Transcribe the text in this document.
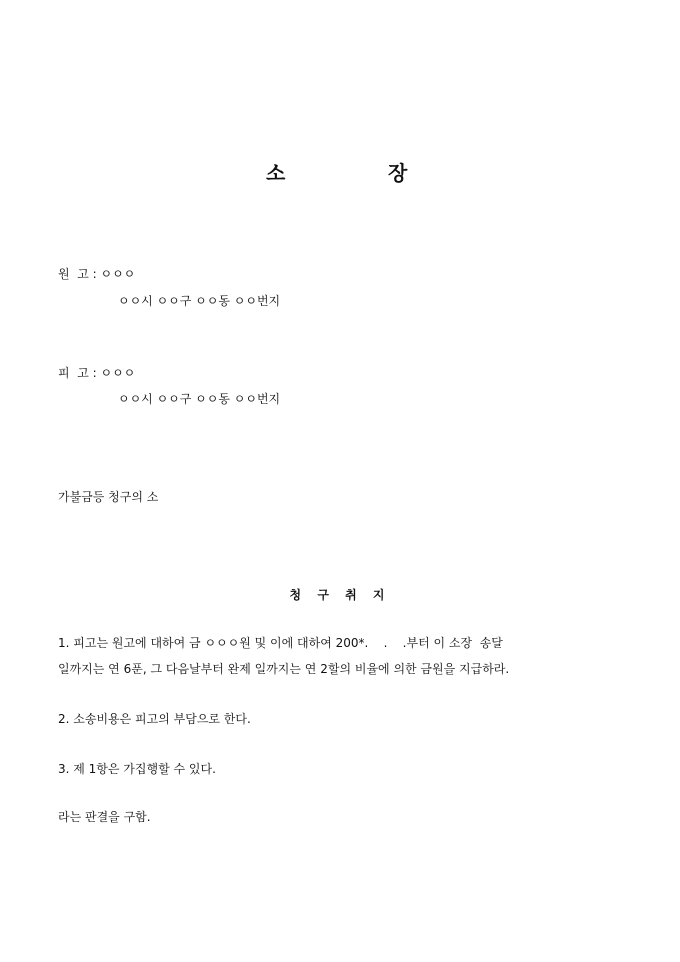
소	장
원  고 : ㅇㅇㅇ
ㅇㅇ시 ㅇㅇ구 ㅇㅇ동 ㅇㅇ번지
피  고 : ㅇㅇㅇ
ㅇㅇ시 ㅇㅇ구 ㅇㅇ동 ㅇㅇ번지
가불금등 청구의 소
청 구 취 지
1. 피고는 원고에 대하여 금 ㅇㅇㅇ원 및 이에 대하여 200*.    .    .부터 이 소장  송달
일까지는 연 6푼, 그 다음날부터 완제 일까지는 연 2할의 비율에 의한 금원을 지급하라.
2. 소송비용은 피고의 부담으로 한다.
3. 제 1항은 가집행할 수 있다.
라는 판결을 구함.
